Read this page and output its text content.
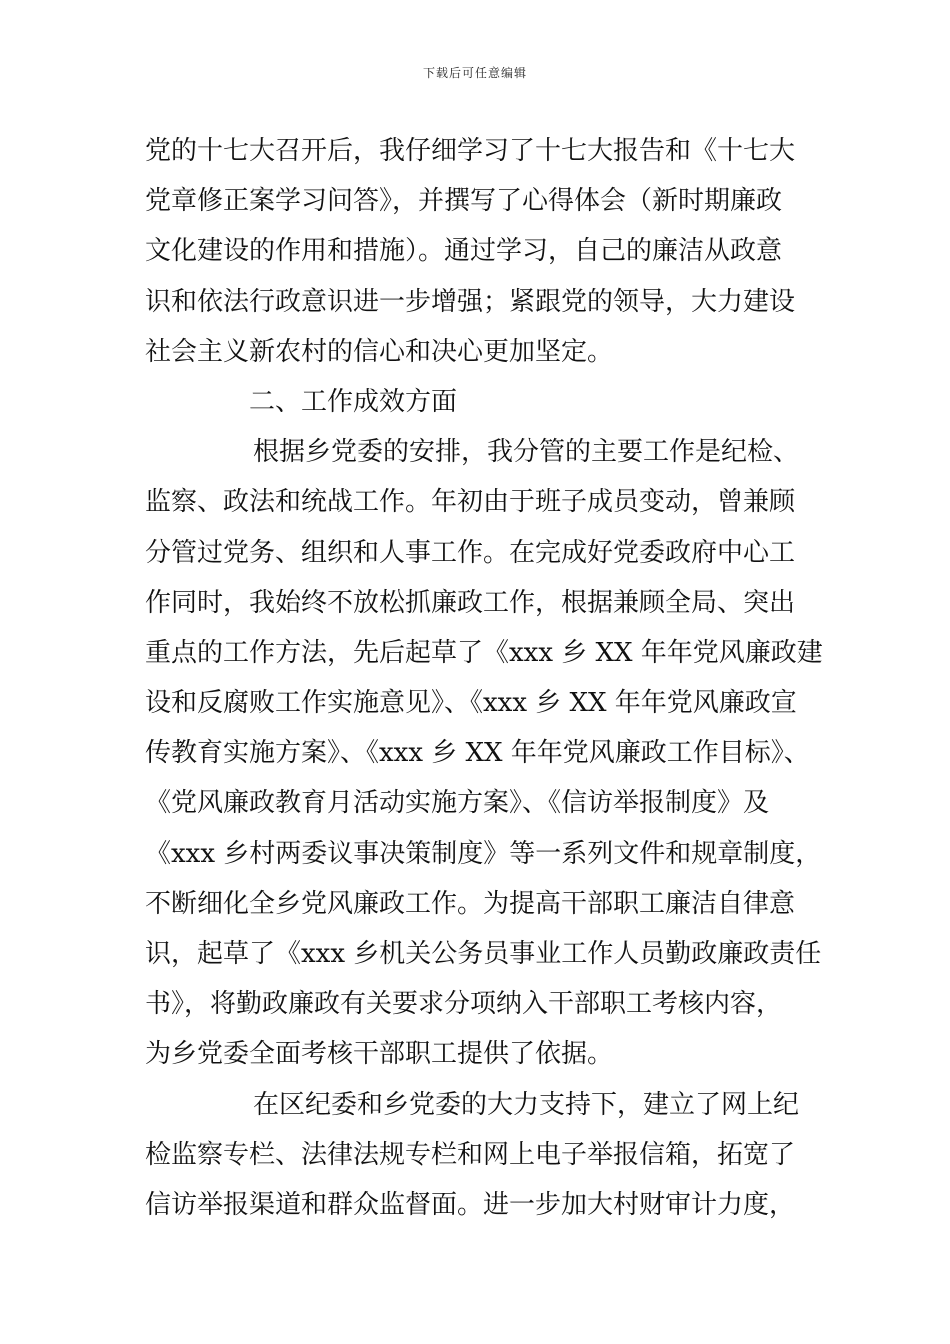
下载后可任意编辑
党的十七大召开后，我仔细学习了十七大报告和《十七大
党章修正案学习问答》，并撰写了心得体会（新时期廉政
文化建设的作用和措施）。通过学习，自己的廉洁从政意
识和依法行政意识进一步增强；紧跟党的领导，大力建设
社会主义新农村的信心和决心更加坚定。
二、工作成效方面
根据乡党委的安排，我分管的主要工作是纪检、
监察、政法和统战工作。年初由于班子成员变动，曾兼顾
分管过党务、组织和人事工作。在完成好党委政府中心工
作同时，我始终不放松抓廉政工作，根据兼顾全局、突出
重点的工作方法，先后起草了《xxx 乡 XX 年年党风廉政建
设和反腐败工作实施意见》、《xxx 乡 XX 年年党风廉政宣
传教育实施方案》、《xxx 乡 XX 年年党风廉政工作目标》、
《党风廉政教育月活动实施方案》、《信访举报制度》及
《xxx 乡村两委议事决策制度》等一系列文件和规章制度，
不断细化全乡党风廉政工作。为提高干部职工廉洁自律意
识，起草了《xxx 乡机关公务员事业工作人员勤政廉政责任
书》，将勤政廉政有关要求分项纳入干部职工考核内容，
为乡党委全面考核干部职工提供了依据。
在区纪委和乡党委的大力支持下，建立了网上纪
检监察专栏、法律法规专栏和网上电子举报信箱，拓宽了
信访举报渠道和群众监督面。进一步加大村财审计力度，
